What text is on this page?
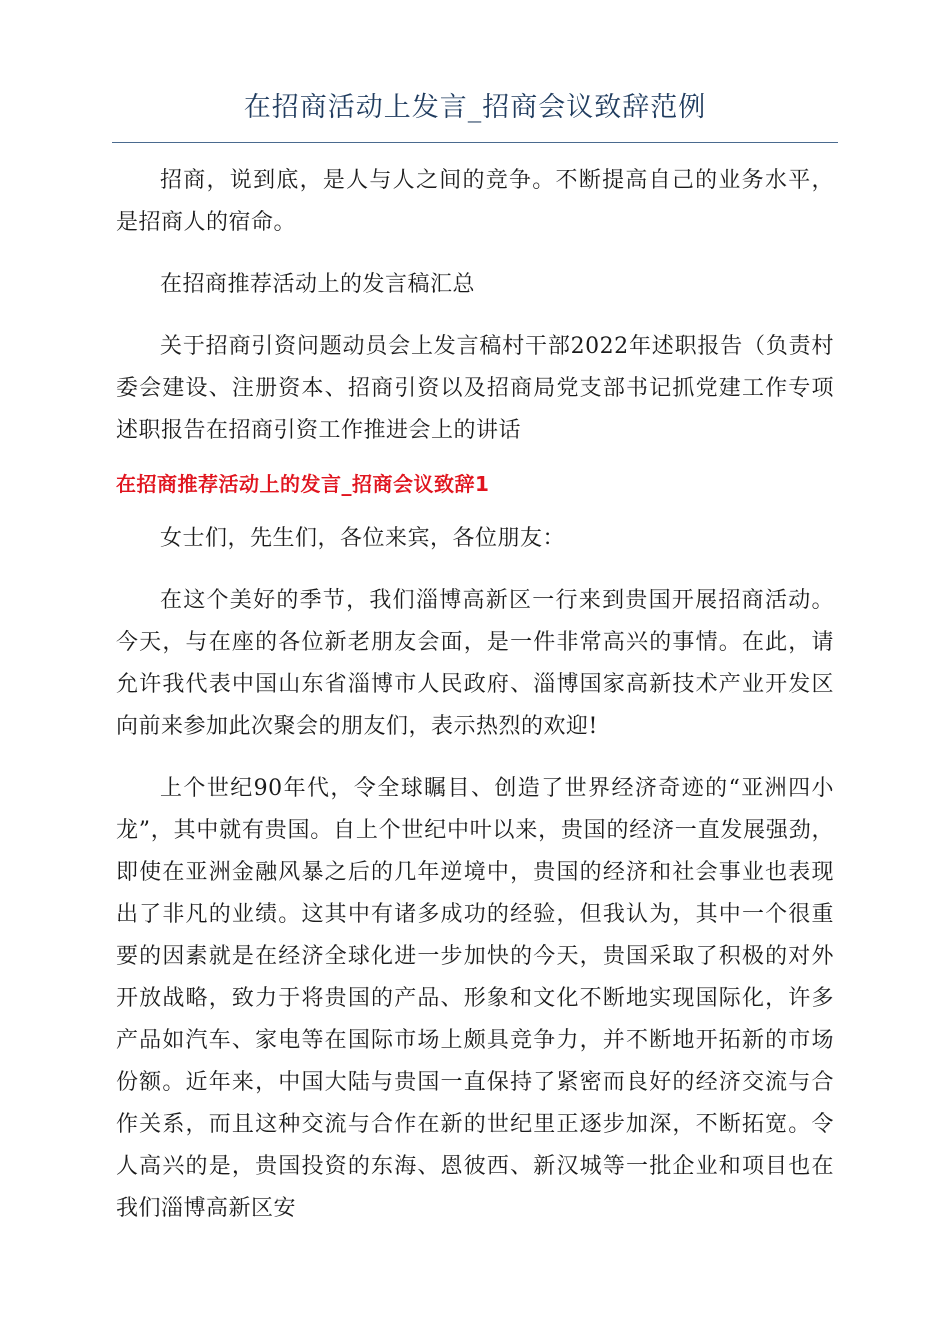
在招商活动上发言_招商会议致辞范例

招商，说到底，是人与人之间的竞争。不断提高自己的业务水平，是招商人的宿命。

在招商推荐活动上的发言稿汇总

关于招商引资问题动员会上发言稿村干部2022年述职报告（负责村委会建设、注册资本、招商引资以及招商局党支部书记抓党建工作专项述职报告在招商引资工作推进会上的讲话

在招商推荐活动上的发言_招商会议致辞1

女士们，先生们，各位来宾，各位朋友：

在这个美好的季节，我们淄博高新区一行来到贵国开展招商活动。今天，与在座的各位新老朋友会面，是一件非常高兴的事情。在此，请允许我代表中国山东省淄博市人民政府、淄博国家高新技术产业开发区向前来参加此次聚会的朋友们，表示热烈的欢迎!

上个世纪90年代，令全球瞩目、创造了世界经济奇迹的“亚洲四小龙”，其中就有贵国。自上个世纪中叶以来，贵国的经济一直发展强劲，即使在亚洲金融风暴之后的几年逆境中，贵国的经济和社会事业也表现出了非凡的业绩。这其中有诸多成功的经验，但我认为，其中一个很重要的因素就是在经济全球化进一步加快的今天，贵国采取了积极的对外开放战略，致力于将贵国的产品、形象和文化不断地实现国际化，许多产品如汽车、家电等在国际市场上颇具竞争力，并不断地开拓新的市场份额。近年来，中国大陆与贵国一直保持了紧密而良好的经济交流与合作关系，而且这种交流与合作在新的世纪里正逐步加深，不断拓宽。令人高兴的是，贵国投资的东海、恩彼西、新汉城等一批企业和项目也在我们淄博高新区安
